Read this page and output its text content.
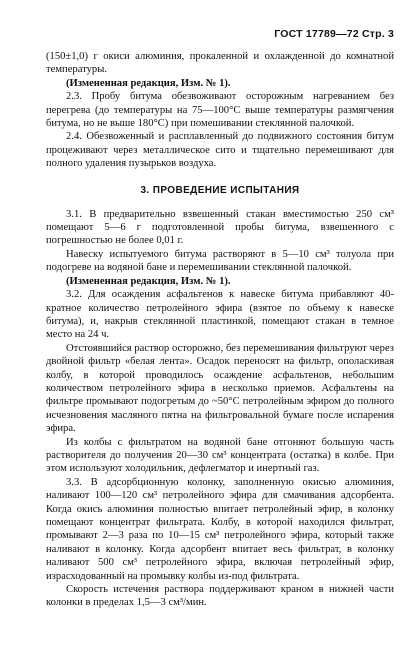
ГОСТ 17789—72 Стр. 3

(150±1,0) г окиси алюминия, прокаленной и охлажденной до комнатной температуры.

(Измененная редакция, Изм. № 1).

2.3. Пробу битума обезвоживают осторожным нагреванием без перегрева (до температуры на 75—100°С выше температуры размягчения битума, но не выше 180°С) при помешивании стеклянной палочкой.

2.4. Обезвоженный и расплавленный до подвижного состояния битум процеживают через металлическое сито и тщательно перемешивают для полного удаления пузырьков воздуха.

3. ПРОВЕДЕНИЕ ИСПЫТАНИЯ

3.1. В предварительно взвешенный стакан вместимостью 250 см³ помещают 5—6 г подготовленной пробы битума, взвешенного с погрешностью не более 0,01 г.

Навеску испытуемого битума растворяют в 5—10 см³ толуола при подогреве на водяной бане и перемешивании стеклянной палочкой.

(Измененная редакция, Изм. № 1).

3.2. Для осаждения асфальтенов к навеске битума прибавляют 40-кратное количество петролейного эфира (взятое по объему к навеске битума), и, накрыв стеклянной пластинкой, помещают стакан в темное место на 24 ч.

Отстоявшийся раствор осторожно, без перемешивания фильтруют через двойной фильтр «белая лента». Осадок переносят на фильтр, ополаскивая колбу, в которой проводилось осаждение асфальтенов, небольшим количеством петролейного эфира в несколько приемов. Асфальтены на фильтре промывают подогретым до ~50°С петролейным эфиром до полного исчезновения масляного пятна на фильтровальной бумаге после испарения эфира.

Из колбы с фильтратом на водяной бане отгоняют большую часть растворителя до получения 20—30 см³ концентрата (остатка) в колбе. При этом используют холодильник, дефлегматор и инертный газ.

3.3. В адсорбционную колонку, заполненную окисью алюминия, наливают 100—120 см³ петролейного эфира для смачивания адсорбента. Когда окись алюминия полностью впитает петролейный эфир, в колонку помещают концентрат фильтрата. Колбу, в которой находился фильтрат, промывают 2—3 раза по 10—15 см³ петролейного эфира, который также наливают в колонку. Когда адсорбент впитает весь фильтрат, в колонку наливают 500 см³ петролейного эфира, включая петролейный эфир, израсходованный на промывку колбы из-под фильтрата.

Скорость истечения раствора поддерживают краном в нижней части колонки в пределах 1,5—3 см³/мин.
